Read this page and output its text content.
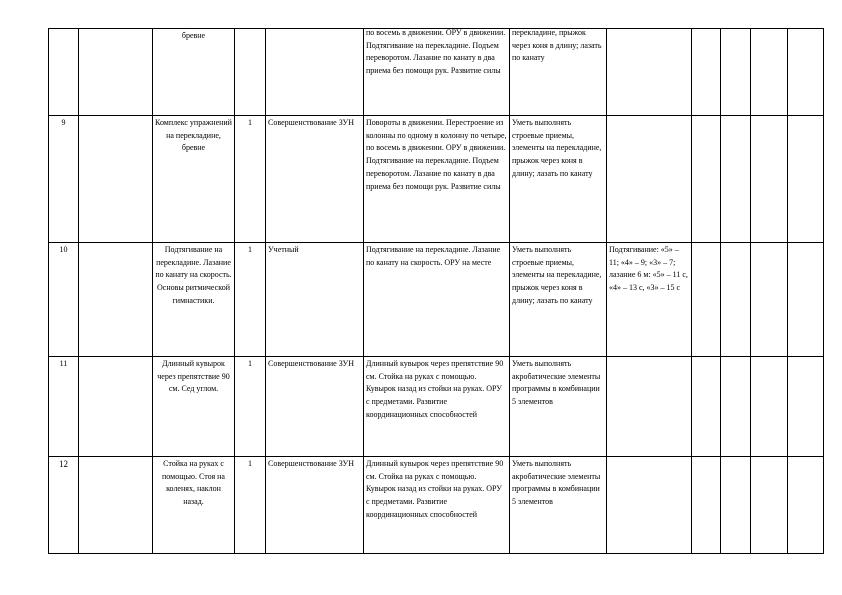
		бревне			по восемь в движении. ОРУ в движении. Подтягивание на перекладине. Подъем переворотом. Лазание по канату в два приема без помощи рук. Развитие силы	перекладине, прыжок через коня в длину; лазать по канату					

9		Комплекс упражнений на перекладине, бревне	1	Совершенствование ЗУН	Повороты в движении. Перестроение из колонны по одному в колонну по четыре, по восемь в движении. ОРУ в движении. Подтягивание на перекладине. Подъем переворотом. Лазание по канату в два приема без помощи рук. Развитие силы	Уметь выполнять строевые приемы, элементы на перекладине, прыжок через коня в длину; лазать по канату					
10		Подтягивание на перекладине. Лазание по канату на скорость. Основы ритмической гимнастики.	1	Учетный	Подтягивание на перекладине. Лазание по канату на скорость. ОРУ на месте	Уметь выполнять строевые приемы, элементы на перекладине, прыжок через коня в длину; лазать по канату	Подтягивание: «5» – 11; «4» – 9; «3» – 7; лазание 6 м: «5» – 11 с, «4» – 13 с, «3» – 15 с				
11		Длинный кувырок через препятствие 90 см. Сед углом.	1	Совершенствование ЗУН	Длинный кувырок через препятствие 90 см. Стойка на руках с помощью. Кувырок назад из стойки на руках. ОРУ с предметами. Развитие координационных способностей	Уметь выполнять акробатические элементы программы в комбинации 5 элементов					
12		Стойка на руках с помощью. Стоя на коленях, наклон назад.	1	Совершенствование ЗУН	Длинный кувырок через препятствие 90 см. Стойка на руках с помощью. Кувырок назад из стойки на руках. ОРУ с предметами. Развитие координационных способностей	Уметь выполнять акробатические элементы программы в комбинации 5 элементов					
